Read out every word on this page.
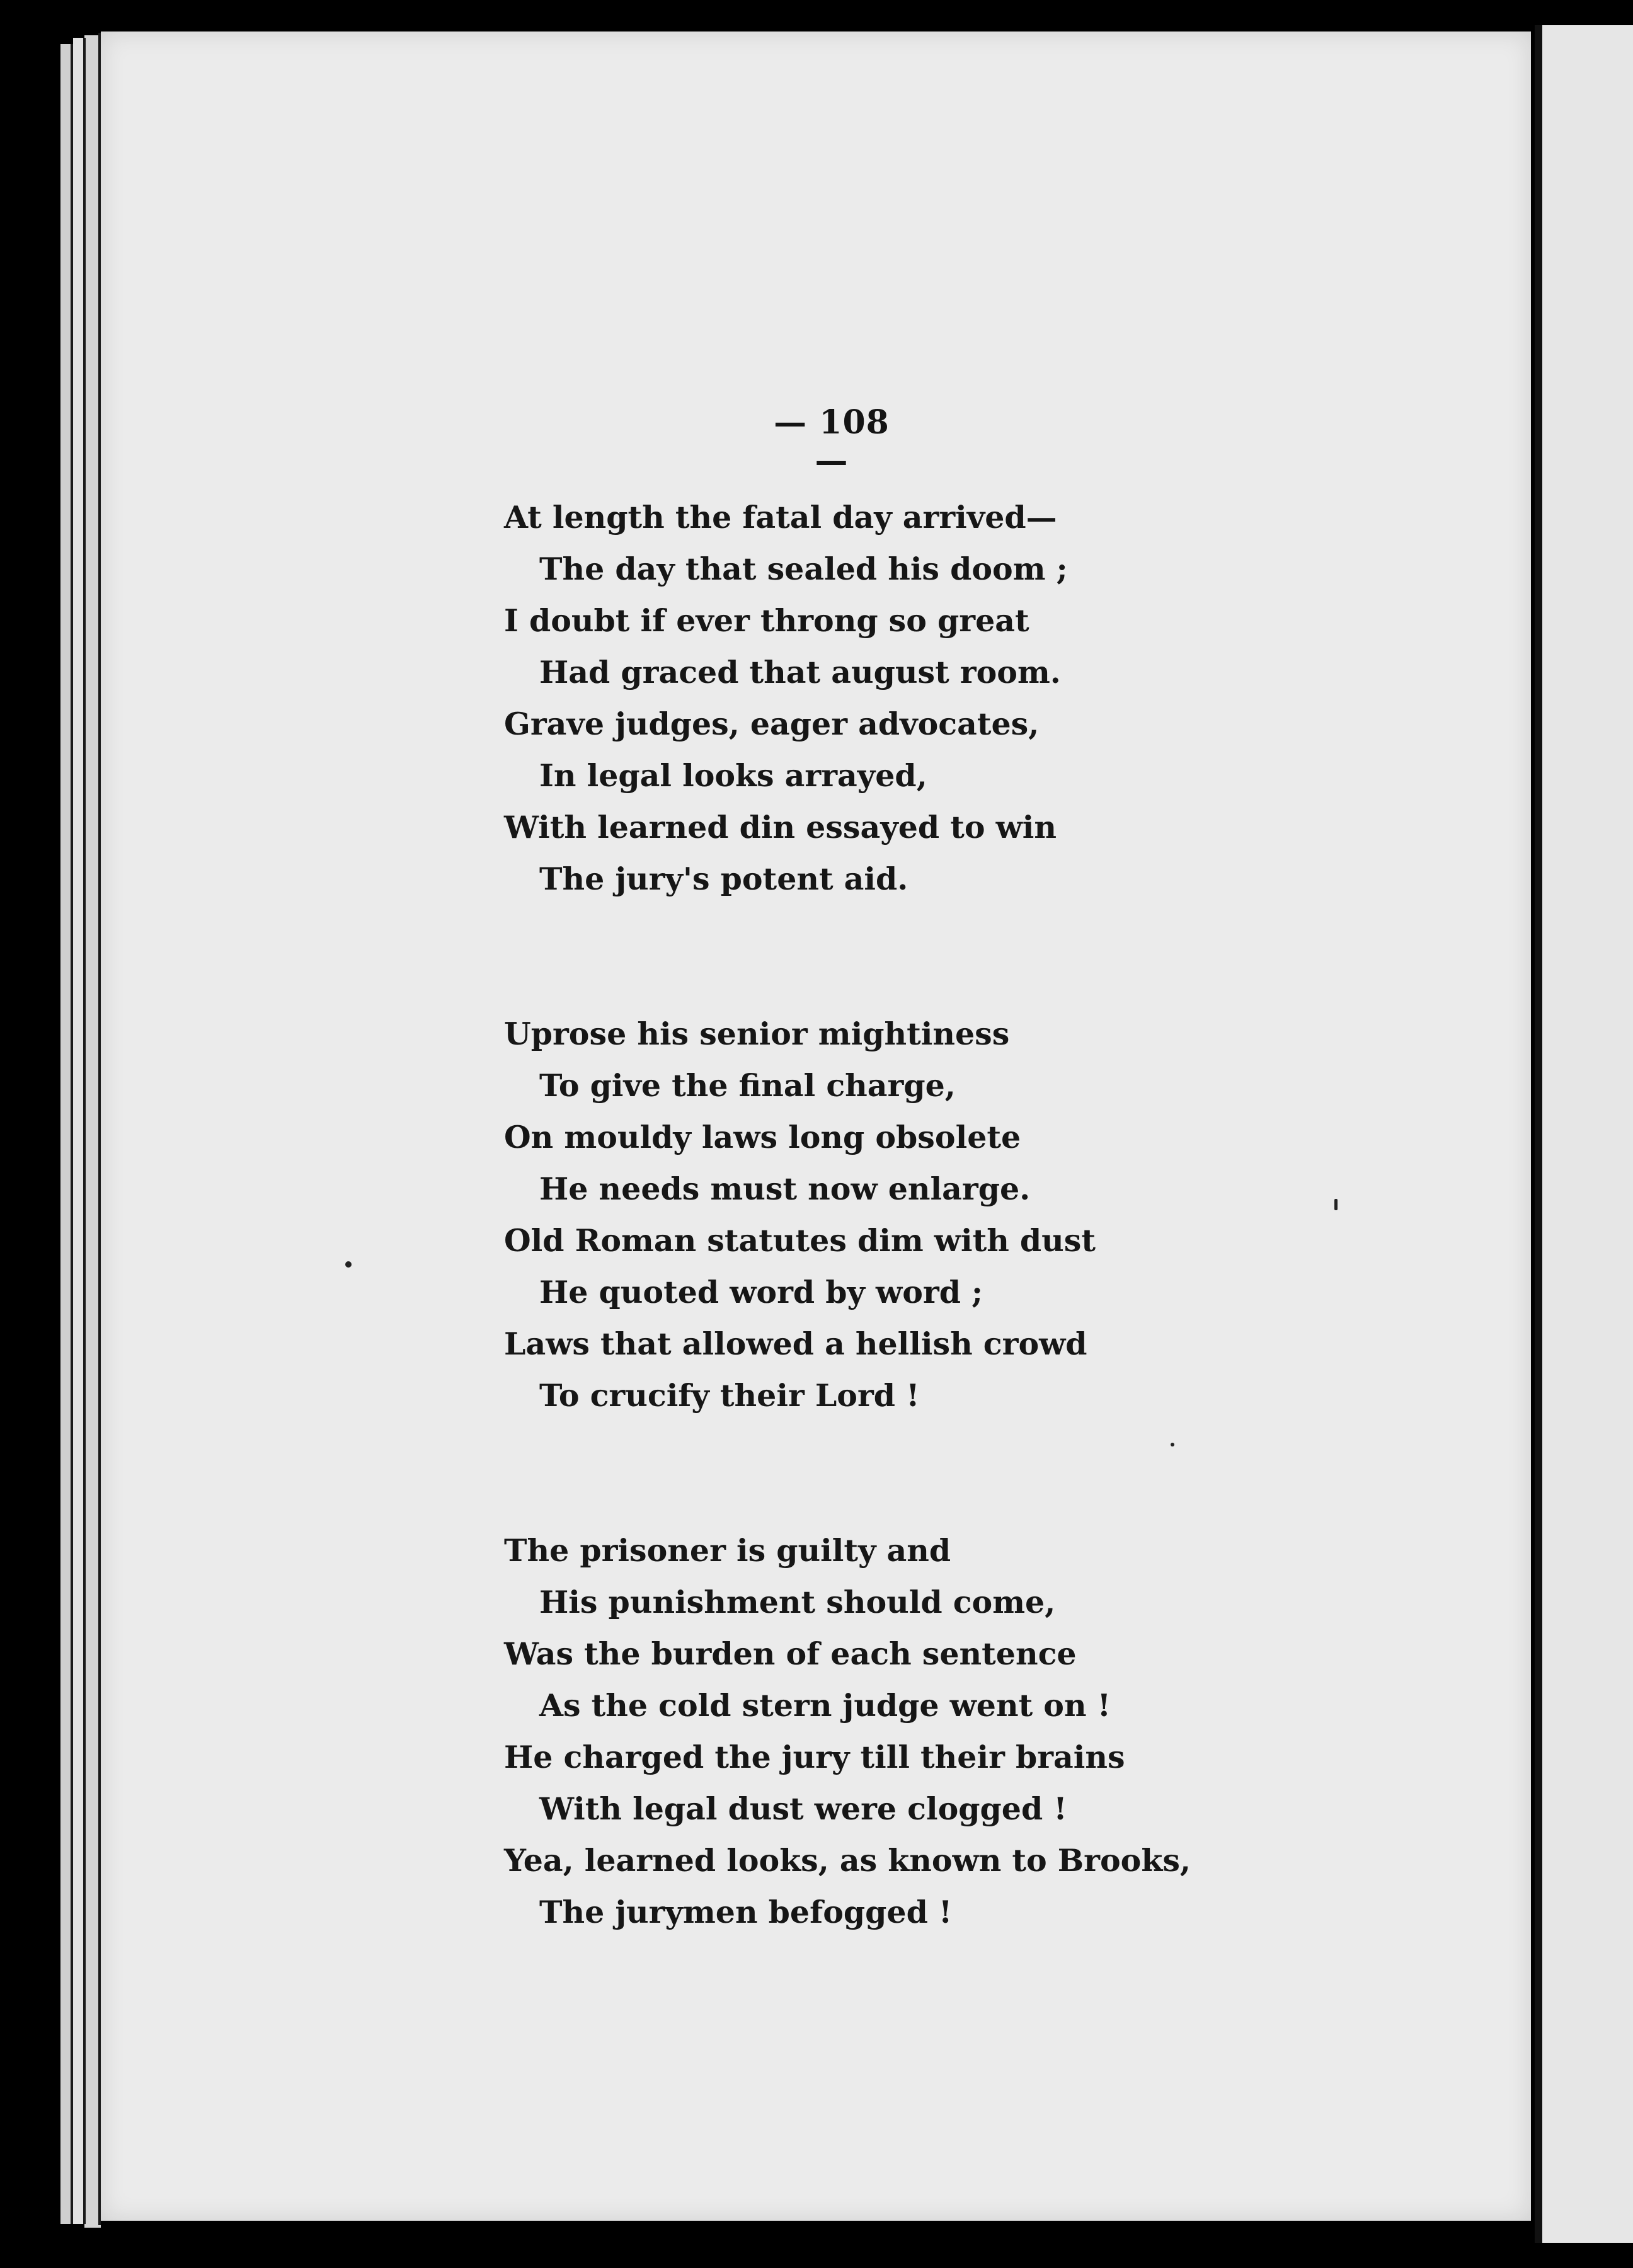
— 108 —
At length the fatal day arrived—
The day that sealed his doom ;
I doubt if ever throng so great
Had graced that august room.
Grave judges, eager advocates,
In legal looks arrayed,
With learned din essayed to win
The jury's potent aid.
Uprose his senior mightiness
To give the final charge,
On mouldy laws long obsolete
He needs must now enlarge.
Old Roman statutes dim with dust
He quoted word by word ;
Laws that allowed a hellish crowd
To crucify their Lord !
The prisoner is guilty and
His punishment should come,
Was the burden of each sentence
As the cold stern judge went on !
He charged the jury till their brains
With legal dust were clogged !
Yea, learned looks, as known to Brooks,
The jurymen befogged !
